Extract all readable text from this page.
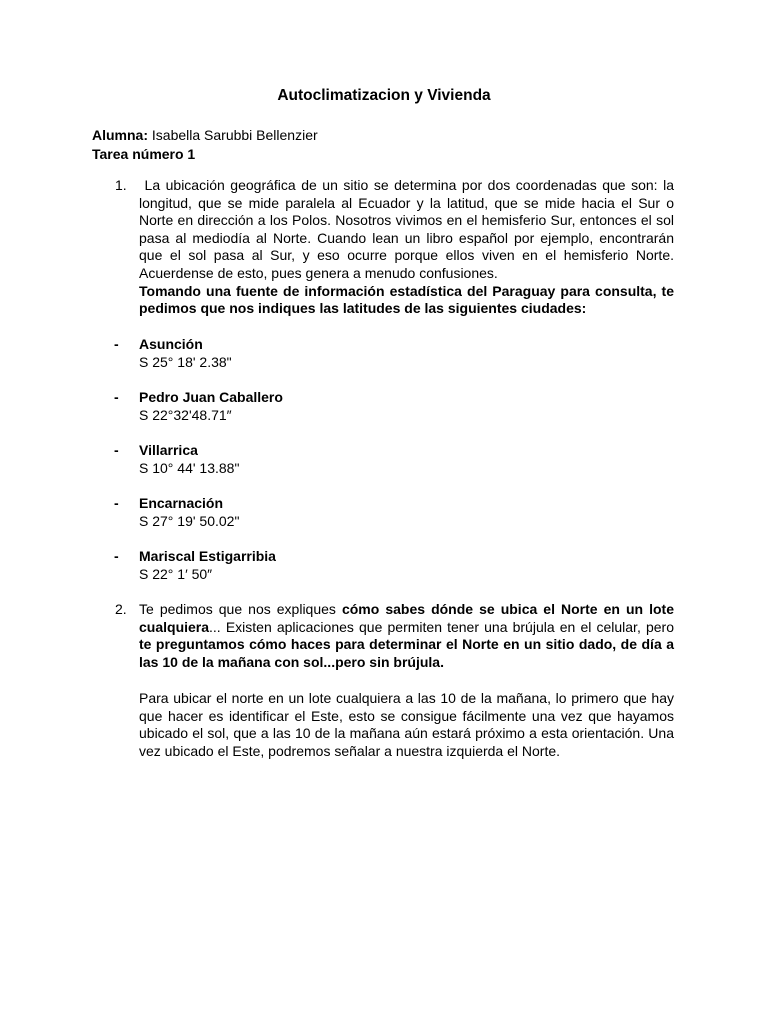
Autoclimatizacion y Vivienda
Alumna: Isabella Sarubbi Bellenzier
Tarea número 1
1. La ubicación geográfica de un sitio se determina por dos coordenadas que son: la longitud, que se mide paralela al Ecuador y la latitud, que se mide hacia el Sur o Norte en dirección a los Polos. Nosotros vivimos en el hemisferio Sur, entonces el sol pasa al mediodía al Norte. Cuando lean un libro español por ejemplo, encontrarán que el sol pasa al Sur, y eso ocurre porque ellos viven en el hemisferio Norte. Acuerdense de esto, pues genera a menudo confusiones.

Tomando una fuente de información estadística del Paraguay para consulta, te pedimos que nos indiques las latitudes de las siguientes ciudades:

- Asunción
S 25° 18' 2.38"
- Pedro Juan Caballero
S 22°32'48.71″
- Villarrica
S 10° 44' 13.88"
- Encarnación
S 27° 19' 50.02"
- Mariscal Estigarribia
S 22° 1′ 50″
2. Te pedimos que nos expliques cómo sabes dónde se ubica el Norte en un lote cualquiera... Existen aplicaciones que permiten tener una brújula en el celular, pero te preguntamos cómo haces para determinar el Norte en un sitio dado, de día a las 10 de la mañana con sol...pero sin brújula.

Para ubicar el norte en un lote cualquiera a las 10 de la mañana, lo primero que hay que hacer es identificar el Este, esto se consigue fácilmente una vez que hayamos ubicado el sol, que a las 10 de la mañana aún estará próximo a esta orientación. Una vez ubicado el Este, podremos señalar a nuestra izquierda el Norte.
